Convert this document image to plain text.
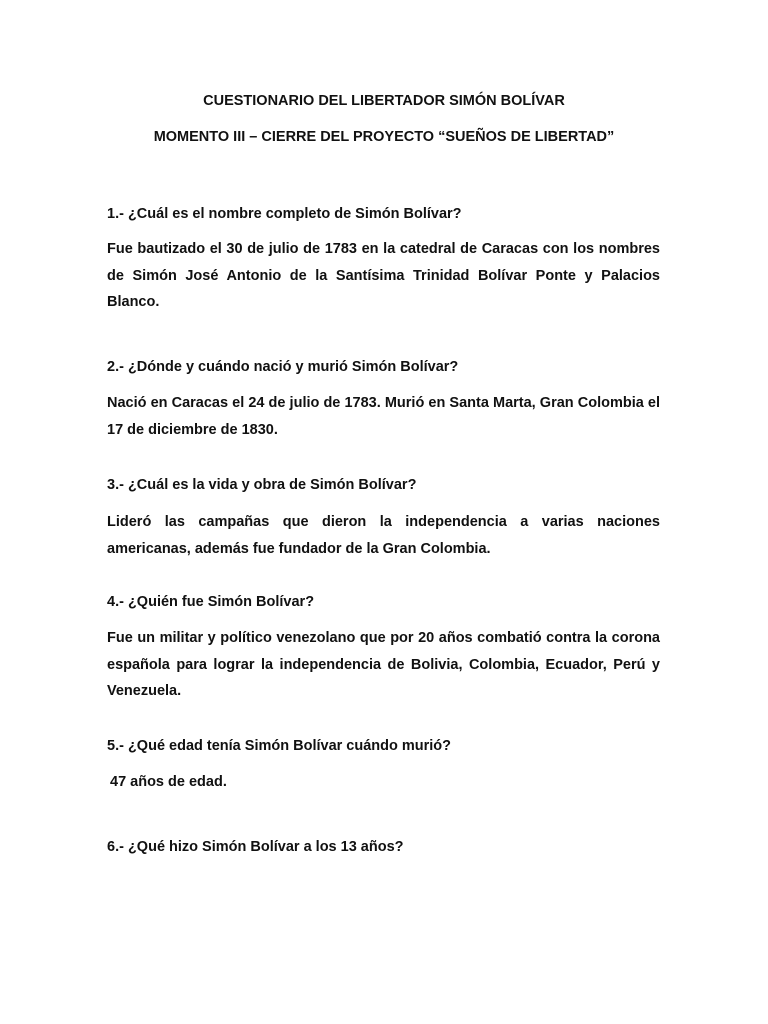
CUESTIONARIO DEL LIBERTADOR SIMÓN BOLÍVAR
MOMENTO III – CIERRE DEL PROYECTO “SUEÑOS DE LIBERTAD”

1.- ¿Cuál es el nombre completo de Simón Bolívar?

Fue bautizado el 30 de julio de 1783 en la catedral de Caracas con los nombres de Simón José Antonio de la Santísima Trinidad Bolívar Ponte y Palacios Blanco.

2.- ¿Dónde y cuándo nació y murió Simón Bolívar?

Nació en Caracas el 24 de julio de 1783. Murió en Santa Marta, Gran Colombia el 17 de diciembre de 1830.

3.- ¿Cuál es la vida y obra de Simón Bolívar?

Lideró las campañas que dieron la independencia a varias naciones americanas, además fue fundador de la Gran Colombia.

4.- ¿Quién fue Simón Bolívar?

Fue un militar y político venezolano que por 20 años combatió contra la corona española para lograr la independencia de Bolivia, Colombia, Ecuador, Perú y Venezuela.

5.- ¿Qué edad tenía Simón Bolívar cuándo murió?

47 años de edad.

6.- ¿Qué hizo Simón Bolívar a los 13 años?
